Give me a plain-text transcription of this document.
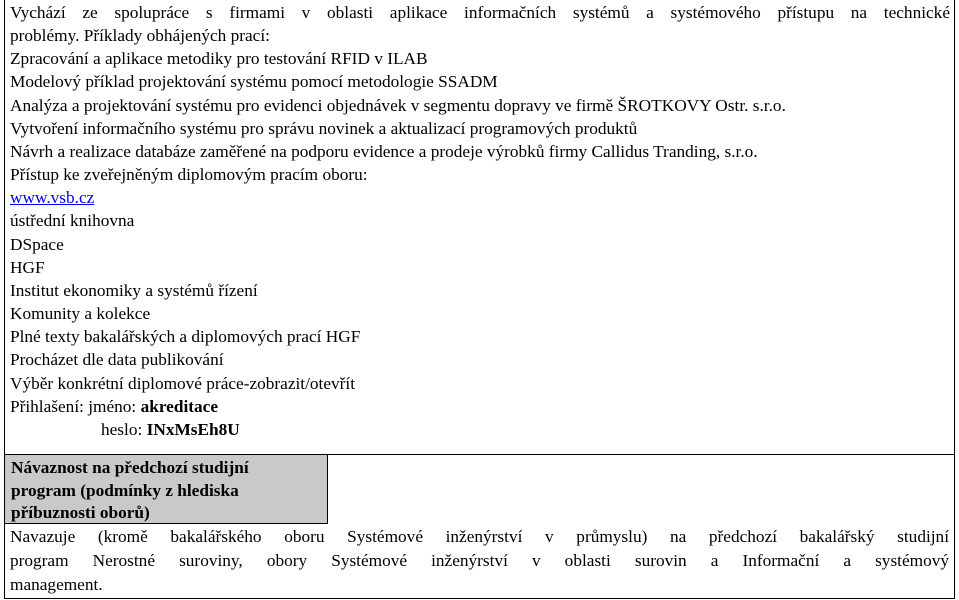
Vychází ze spolupráce s firmami v oblasti aplikace informačních systémů a systémového přístupu na technické
problémy. Příklady obhájených prací:
Zpracování a aplikace metodiky pro testování RFID v ILAB
Modelový příklad projektování systému pomocí metodologie SSADM
Analýza a projektování systému pro evidenci objednávek v segmentu dopravy ve firmě ŠROTKOVY Ostr. s.r.o.
Vytvoření informačního systému pro správu novinek a aktualizací programových produktů
Návrh a realizace databáze zaměřené na podporu evidence a prodeje výrobků firmy Callidus Tranding, s.r.o.
Přístup ke zveřejněným diplomovým pracím oboru:
www.vsb.cz
ústřední knihovna
DSpace
HGF
Institut ekonomiky a systémů řízení
Komunity a kolekce
Plné texty bakalářských a diplomových prací HGF
Procházet dle data publikování
Výběr konkrétní diplomové práce-zobrazit/otevřít
Přihlašení: jméno: akreditace
heslo: INxMsEh8U
Návaznost na předchozí studijní
program (podmínky z hlediska
příbuznosti oborů)
Navazuje (kromě bakalářského oboru Systémové inženýrství v průmyslu) na předchozí bakalářský studijní
program Nerostné suroviny, obory Systémové inženýrství v oblasti surovin a Informační a systémový
management.
